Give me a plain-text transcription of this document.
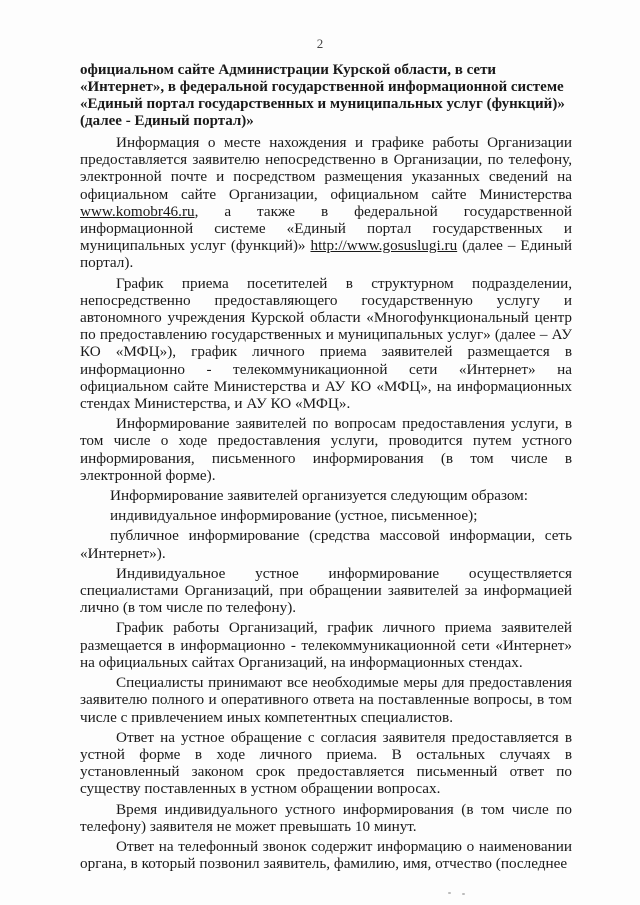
2

официальном сайте Администрации Курской области, в сети «Интернет», в федеральной государственной информационной системе «Единый портал государственных и муниципальных услуг (функций)» (далее - Единый портал)»

Информация о месте нахождения и графике работы Организации предоставляется заявителю непосредственно в Организации, по телефону, электронной почте и посредством размещения указанных сведений на официальном сайте Организации, официальном сайте Министерства www.komobr46.ru, а также в федеральной государственной информационной системе «Единый портал государственных и муниципальных услуг (функций)» http://www.gosuslugi.ru (далее – Единый портал).

График приема посетителей в структурном подразделении, непосредственно предоставляющего государственную услугу и автономного учреждения Курской области «Многофункциональный центр по предоставлению государственных и муниципальных услуг» (далее – АУ КО «МФЦ»), график личного приема заявителей размещается в информационно - телекоммуникационной сети «Интернет» на официальном сайте Министерства и АУ КО «МФЦ», на информационных стендах Министерства, и АУ КО «МФЦ».

Информирование заявителей по вопросам предоставления услуги, в том числе о ходе предоставления услуги, проводится путем устного информирования, письменного информирования (в том числе в электронной форме).

Информирование заявителей организуется следующим образом:

индивидуальное информирование (устное, письменное);

публичное информирование (средства массовой информации, сеть «Интернет»).

Индивидуальное устное информирование осуществляется специалистами Организаций, при обращении заявителей за информацией лично (в том числе по телефону).

График работы Организаций, график личного приема заявителей размещается в информационно - телекоммуникационной сети «Интернет» на официальных сайтах Организаций, на информационных стендах.

Специалисты принимают все необходимые меры для предоставления заявителю полного и оперативного ответа на поставленные вопросы, в том числе с привлечением иных компетентных специалистов.

Ответ на устное обращение с согласия заявителя предоставляется в устной форме в ходе личного приема. В остальных случаях в установленный законом срок предоставляется письменный ответ по существу поставленных в устном обращении вопросах.

Время индивидуального устного информирования (в том числе по телефону) заявителя не может превышать 10 минут.

Ответ на телефонный звонок содержит информацию о наименовании органа, в который позвонил заявитель, фамилию, имя, отчество (последнее
